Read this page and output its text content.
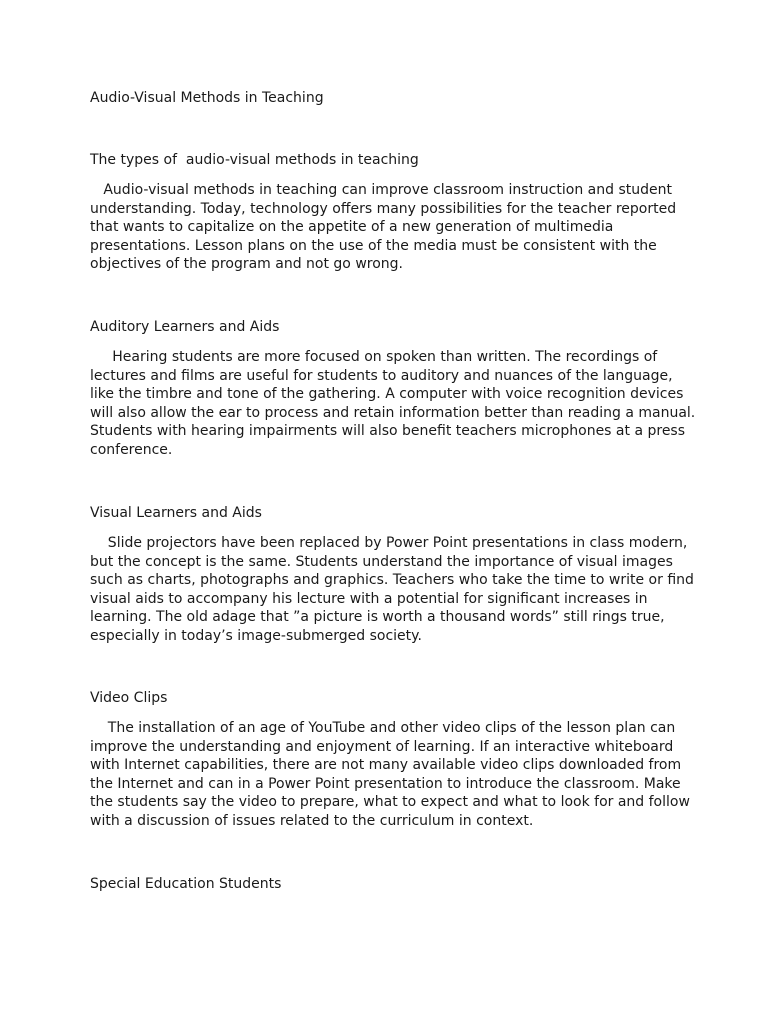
Audio-Visual Methods in Teaching
The types of  audio-visual methods in teaching
Audio-visual methods in teaching can improve classroom instruction and student
understanding. Today, technology offers many possibilities for the teacher reported
that wants to capitalize on the appetite of a new generation of multimedia
presentations. Lesson plans on the use of the media must be consistent with the
objectives of the program and not go wrong.
Auditory Learners and Aids
Hearing students are more focused on spoken than written. The recordings of
lectures and films are useful for students to auditory and nuances of the language,
like the timbre and tone of the gathering. A computer with voice recognition devices
will also allow the ear to process and retain information better than reading a manual.
Students with hearing impairments will also benefit teachers microphones at a press
conference.
Visual Learners and Aids
Slide projectors have been replaced by Power Point presentations in class modern,
but the concept is the same. Students understand the importance of visual images
such as charts, photographs and graphics. Teachers who take the time to write or find
visual aids to accompany his lecture with a potential for significant increases in
learning. The old adage that ”a picture is worth a thousand words” still rings true,
especially in today’s image-submerged society.
Video Clips
The installation of an age of YouTube and other video clips of the lesson plan can
improve the understanding and enjoyment of learning. If an interactive whiteboard
with Internet capabilities, there are not many available video clips downloaded from
the Internet and can in a Power Point presentation to introduce the classroom. Make
the students say the video to prepare, what to expect and what to look for and follow
with a discussion of issues related to the curriculum in context.
Special Education Students
